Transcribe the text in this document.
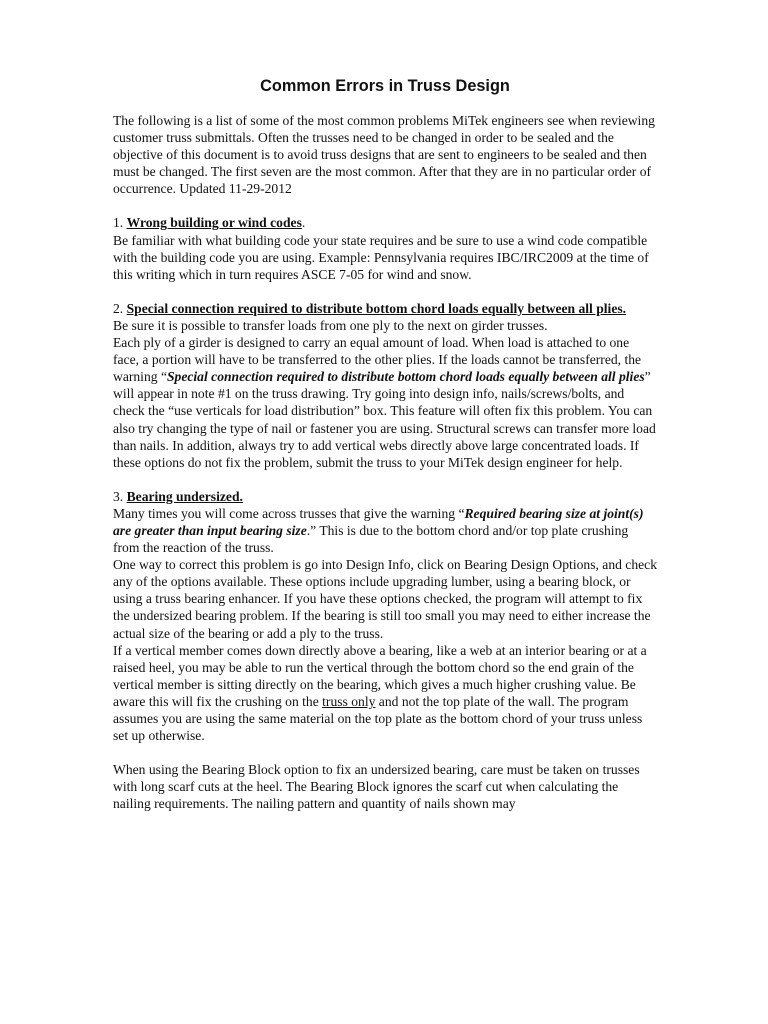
Common Errors in Truss Design

The following is a list of some of the most common problems MiTek engineers see when reviewing customer truss submittals. Often the trusses need to be changed in order to be sealed and the objective of this document is to avoid truss designs that are sent to engineers to be sealed and then must be changed. The first seven are the most common. After that they are in no particular order of occurrence. Updated 11-29-2012

1. Wrong building or wind codes.

Be familiar with what building code your state requires and be sure to use a wind code compatible with the building code you are using. Example: Pennsylvania requires IBC/IRC2009 at the time of this writing which in turn requires ASCE 7-05 for wind and snow.

2. Special connection required to distribute bottom chord loads equally between all plies.

Be sure it is possible to transfer loads from one ply to the next on girder trusses.

Each ply of a girder is designed to carry an equal amount of load. When load is attached to one face, a portion will have to be transferred to the other plies. If the loads cannot be transferred, the warning “Special connection required to distribute bottom chord loads equally between all plies” will appear in note #1 on the truss drawing. Try going into design info, nails/screws/bolts, and check the “use verticals for load distribution” box. This feature will often fix this problem. You can also try changing the type of nail or fastener you are using. Structural screws can transfer more load than nails. In addition, always try to add vertical webs directly above large concentrated loads. If these options do not fix the problem, submit the truss to your MiTek design engineer for help.

3. Bearing undersized.

Many times you will come across trusses that give the warning “Required bearing size at joint(s) are greater than input bearing size.” This is due to the bottom chord and/or top plate crushing from the reaction of the truss.

One way to correct this problem is go into Design Info, click on Bearing Design Options, and check any of the options available. These options include upgrading lumber, using a bearing block, or using a truss bearing enhancer. If you have these options checked, the program will attempt to fix the undersized bearing problem. If the bearing is still too small you may need to either increase the actual size of the bearing or add a ply to the truss.

If a vertical member comes down directly above a bearing, like a web at an interior bearing or at a raised heel, you may be able to run the vertical through the bottom chord so the end grain of the vertical member is sitting directly on the bearing, which gives a much higher crushing value. Be aware this will fix the crushing on the truss only and not the top plate of the wall. The program assumes you are using the same material on the top plate as the bottom chord of your truss unless set up otherwise.

When using the Bearing Block option to fix an undersized bearing, care must be taken on trusses with long scarf cuts at the heel. The Bearing Block ignores the scarf cut when calculating the nailing requirements. The nailing pattern and quantity of nails shown may
